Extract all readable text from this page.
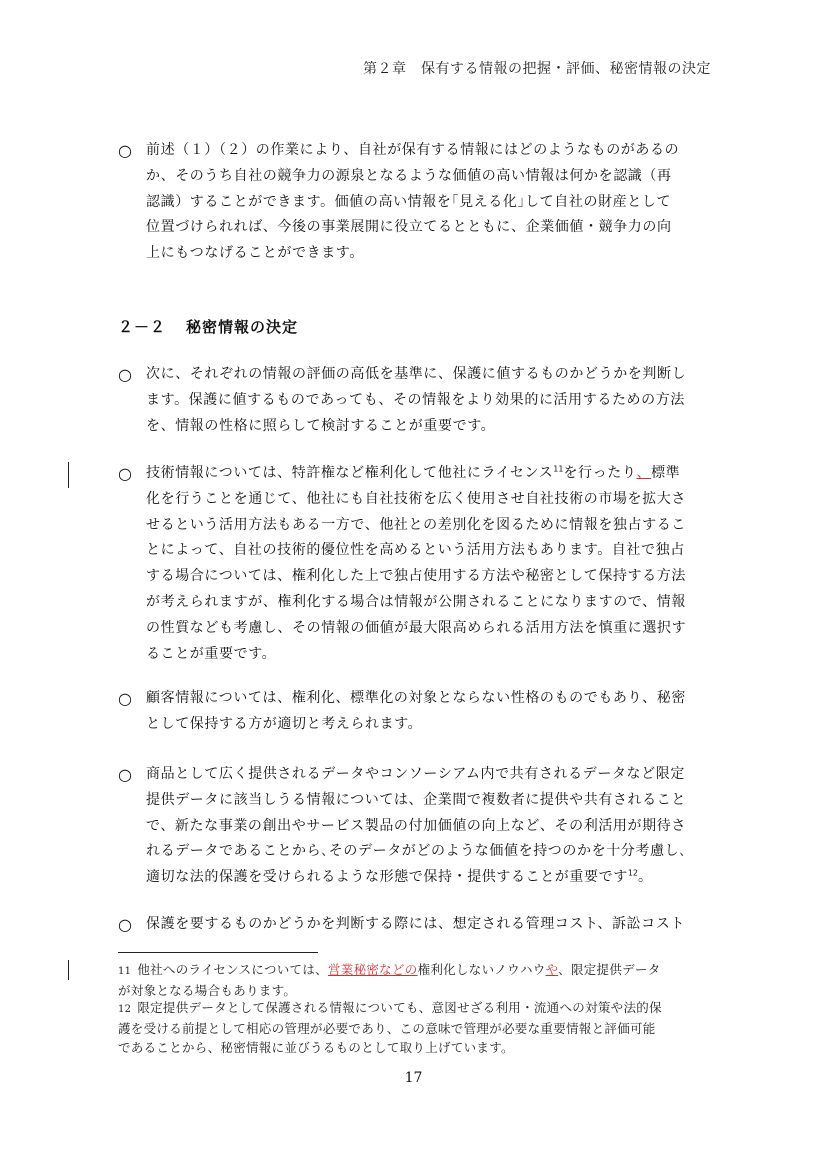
第２章　保有する情報の把握・評価、秘密情報の決定
○ 前述（１）（２）の作業により、自社が保有する情報にはどのようなものがあるの
か、そのうち自社の競争力の源泉となるような価値の高い情報は何かを認識（再
認識）することができます。価値の高い情報を｢見える化｣して自社の財産として
位置づけられれば、今後の事業展開に役立てるとともに、企業価値・競争力の向
上にもつなげることができます。
２－２ 秘密情報の決定
○ 次に、それぞれの情報の評価の高低を基準に、保護に値するものかどうかを判断し
ます。保護に値するものであっても、その情報をより効果的に活用するための方法
を、情報の性格に照らして検討することが重要です。
○ 技術情報については、特許権など権利化して他社にライセンス$^{11}$を行ったり、標準
化を行うことを通じて、他社にも自社技術を広く使用させ自社技術の市場を拡大さ
せるという活用方法もある一方で、他社との差別化を図るために情報を独占するこ
とによって、自社の技術的優位性を高めるという活用方法もあります。自社で独占
する場合については、権利化した上で独占使用する方法や秘密として保持する方法
が考えられますが、権利化する場合は情報が公開されることになりますので、情報
の性質なども考慮し、その情報の価値が最大限高められる活用方法を慎重に選択す
ることが重要です。
○ 顧客情報については、権利化、標準化の対象とならない性格のものでもあり、秘密
として保持する方が適切と考えられます。
○ 商品として広く提供されるデータやコンソーシアム内で共有されるデータなど限定
提供データに該当しうる情報については、企業間で複数者に提供や共有されること
で、新たな事業の創出やサービス製品の付加価値の向上など、その利活用が期待さ
れるデータであることから､そのデータがどのような価値を持つのかを十分考慮し､
適切な法的保護を受けられるような形態で保持・提供することが重要です$^{12}$。
○ 保護を要するものかどうかを判断する際には、想定される管理コスト、訴訟コスト
11 他社へのライセンスについては、営業秘密などの権利化しないノウハウや、限定提供データ
が対象となる場合もあります。
12 限定提供データとして保護される情報についても、意図せざる利用・流通への対策や法的保
護を受ける前提として相応の管理が必要であり、この意味で管理が必要な重要情報と評価可能
であることから、秘密情報に並びうるものとして取り上げています。
17
